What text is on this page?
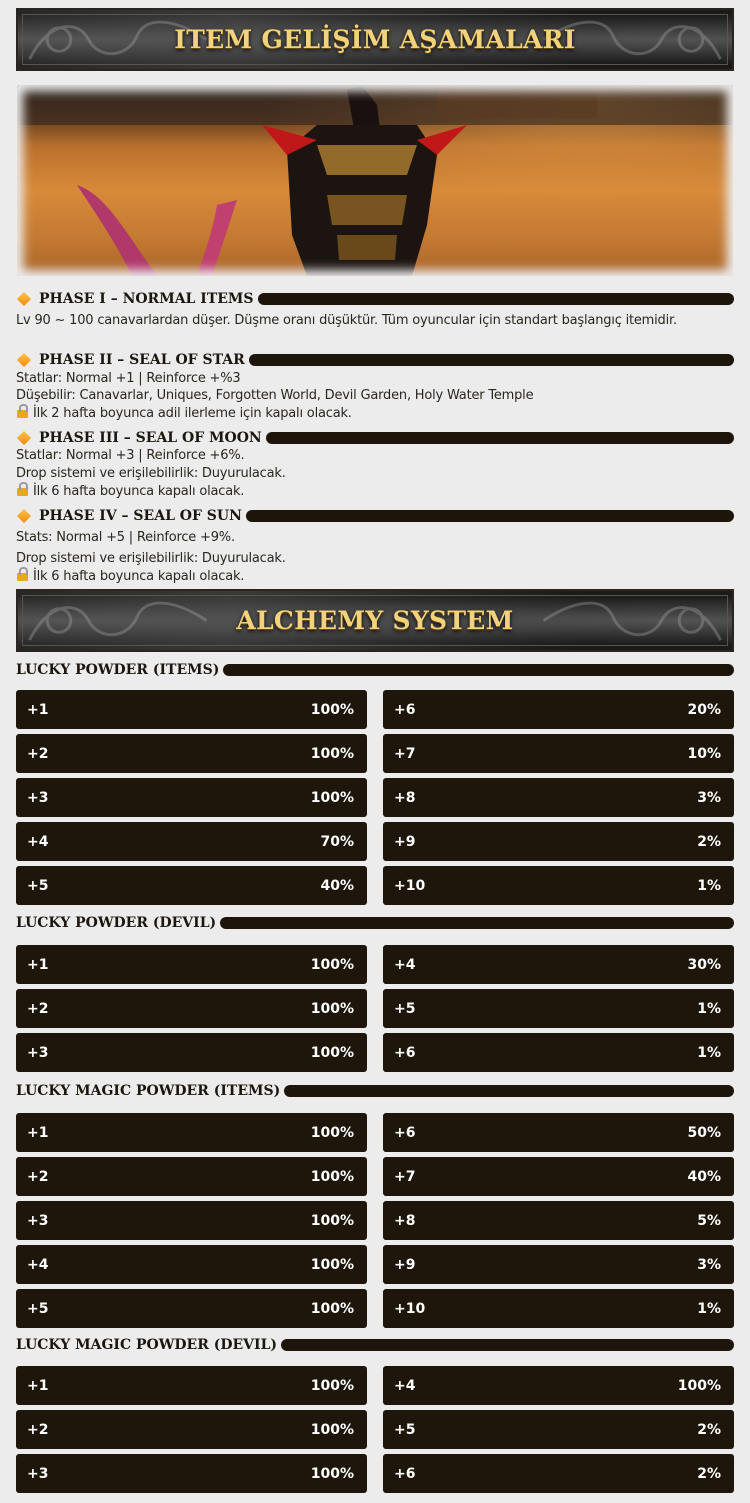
ITEM GELİŞİM AŞAMALARI
PHASE I – NORMAL ITEMS
Lv 90 ~ 100 canavarlardan düşer. Düşme oranı düşüktür. Tüm oyuncular için standart başlangıç itemidir.
PHASE II – SEAL OF STAR
Statlar: Normal +1 | Reinforce +%3
Düşebilir: Canavarlar, Uniques, Forgotten World, Devil Garden, Holy Water Temple
İlk 2 hafta boyunca adil ilerleme için kapalı olacak.
PHASE III – SEAL OF MOON
Statlar: Normal +3 | Reinforce +6%.
Drop sistemi ve erişilebilirlik: Duyurulacak.
İlk 6 hafta boyunca kapalı olacak.
PHASE IV – SEAL OF SUN
Stats: Normal +5 | Reinforce +9%.
Drop sistemi ve erişilebilirlik: Duyurulacak.
İlk 6 hafta boyunca kapalı olacak.
ALCHEMY SYSTEM
LUCKY POWDER (ITEMS)
+1	100%
+2	100%
+3	100%
+4	70%
+5	40%
+6	20%
+7	10%
+8	3%
+9	2%
+10	1%
LUCKY POWDER (DEVIL)
+1	100%
+2	100%
+3	100%
+4	30%
+5	1%
+6	1%
LUCKY MAGIC POWDER (ITEMS)
+1	100%
+2	100%
+3	100%
+4	100%
+5	100%
+6	50%
+7	40%
+8	5%
+9	3%
+10	1%
LUCKY MAGIC POWDER (DEVIL)
+1	100%
+2	100%
+3	100%
+4	100%
+5	2%
+6	2%
